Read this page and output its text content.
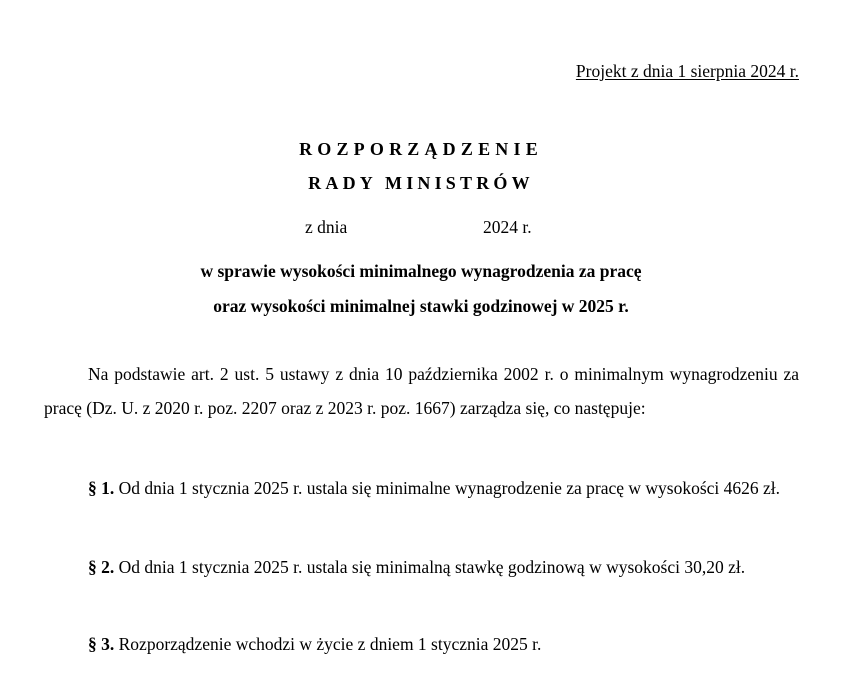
Projekt z dnia 1 sierpnia 2024 r.
ROZPORZĄDZENIE
RADY MINISTRÓW
z dnia	2024 r.
w sprawie wysokości minimalnego wynagrodzenia za pracę
oraz wysokości minimalnej stawki godzinowej w 2025 r.
Na podstawie art. 2 ust. 5 ustawy z dnia 10 października 2002 r. o minimalnym wynagrodzeniu za pracę (Dz. U. z 2020 r. poz. 2207 oraz z 2023 r. poz. 1667) zarządza się, co następuje:
§ 1. Od dnia 1 stycznia 2025 r. ustala się minimalne wynagrodzenie za pracę w wysokości 4626 zł.
§ 2. Od dnia 1 stycznia 2025 r. ustala się minimalną stawkę godzinową w wysokości 30,20 zł.
§ 3. Rozporządzenie wchodzi w życie z dniem 1 stycznia 2025 r.
